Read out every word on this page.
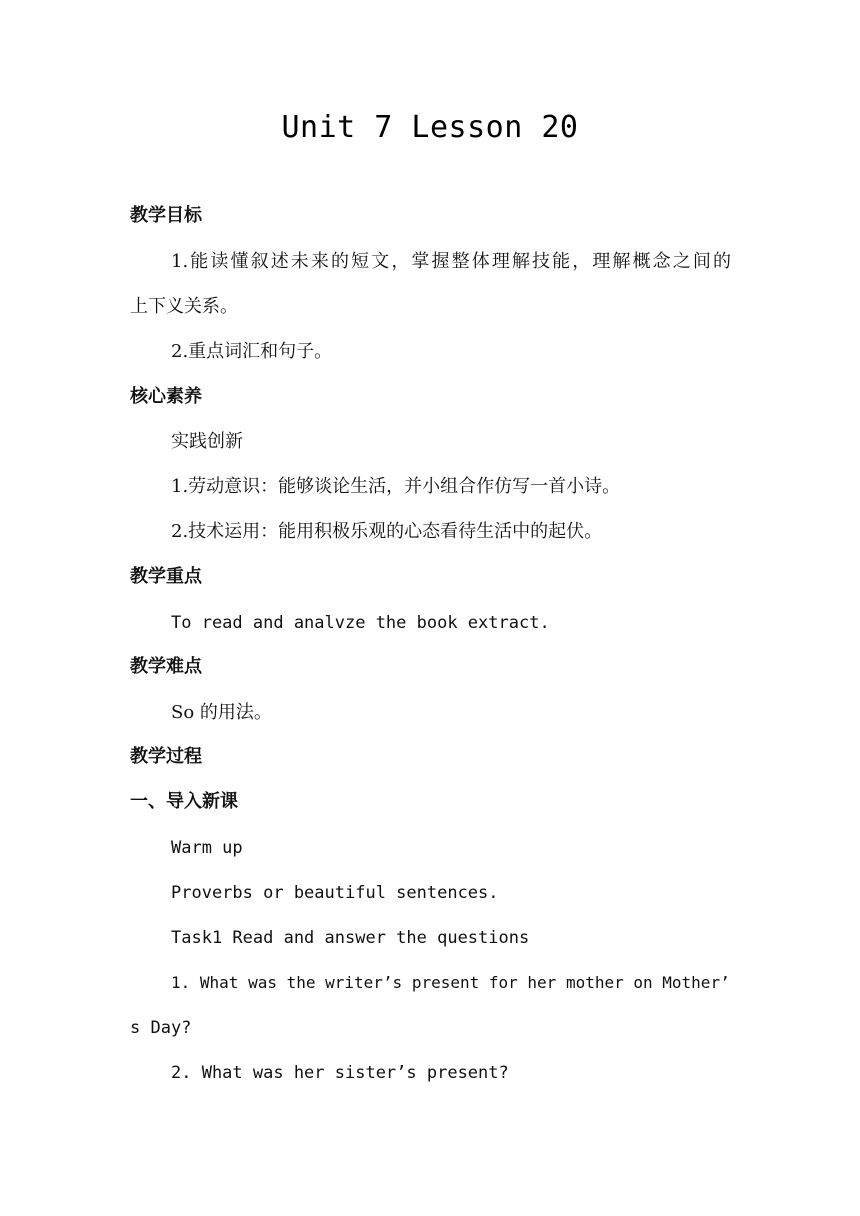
Unit 7 Lesson 20
教学目标
1.能读懂叙述未来的短文，掌握整体理解技能，理解概念之间的
上下义关系。
2.重点词汇和句子。
核心素养
实践创新
1.劳动意识：能够谈论生活，并小组合作仿写一首小诗。
2.技术运用：能用积极乐观的心态看待生活中的起伏。
教学重点
To read and analvze the book extract.
教学难点
So 的用法。
教学过程
一、导入新课
Warm up
Proverbs or beautiful sentences.
Task1 Read and answer the questions
1. What was the writer’s present for her mother on Mother’
s Day?
2. What was her sister’s present?
